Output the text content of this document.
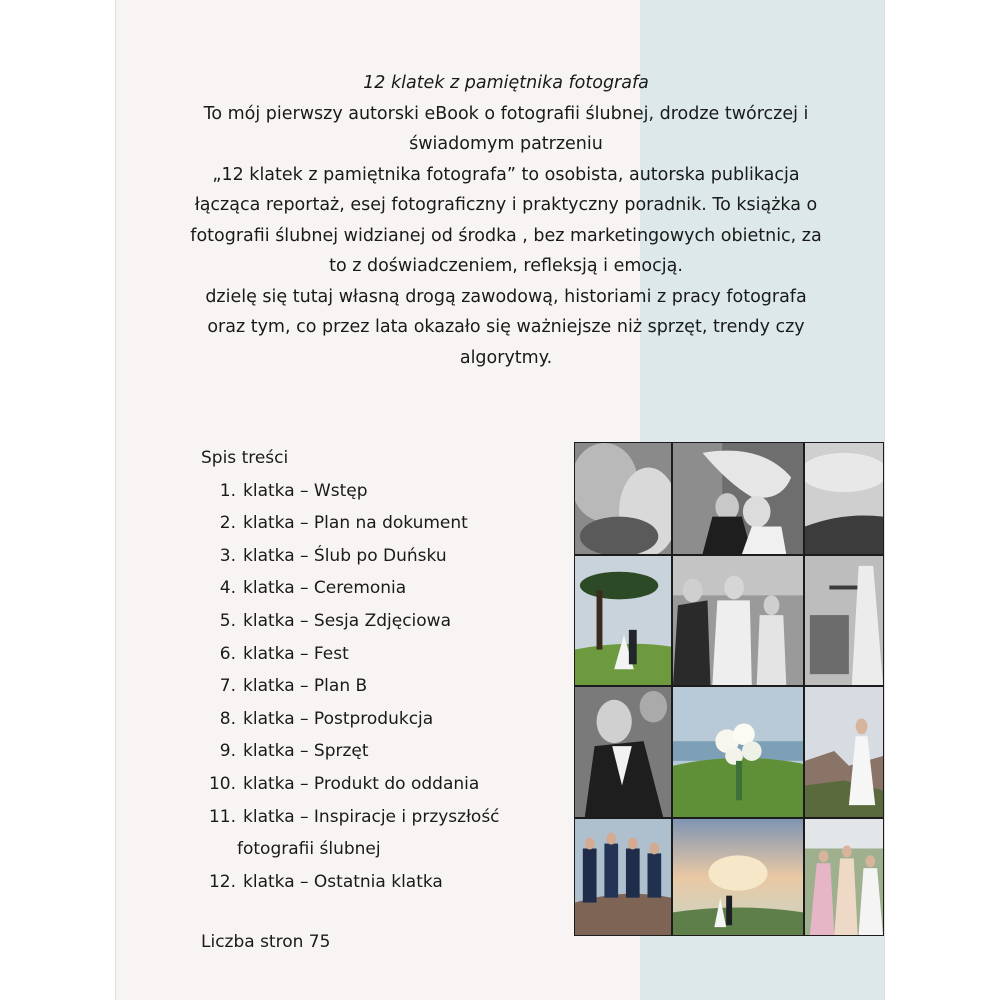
12 klatek z pamiętnika fotografa
To mój pierwszy autorski eBook o fotografii ślubnej, drodze twórczej i
świadomym patrzeniu
„12 klatek z pamiętnika fotografa” to osobista, autorska publikacja
łącząca reportaż, esej fotograficzny i praktyczny poradnik. To książka o
fotografii ślubnej widzianej od środka , bez marketingowych obietnic, za
to z doświadczeniem, refleksją i emocją.
dzielę się tutaj własną drogą zawodową, historiami z pracy fotografa
oraz tym, co przez lata okazało się ważniejsze niż sprzęt, trendy czy
algorytmy.
Spis treści
1. klatka – Wstęp
2. klatka – Plan na dokument
3. klatka – Ślub po Duńsku
4. klatka – Ceremonia
5. klatka – Sesja Zdjęciowa
6. klatka – Fest
7. klatka – Plan B
8. klatka – Postprodukcja
9. klatka – Sprzęt
10. klatka – Produkt do oddania
11. klatka – Inspiracje i przyszłość
fotografii ślubnej
12. klatka – Ostatnia klatka
Liczba stron 75
